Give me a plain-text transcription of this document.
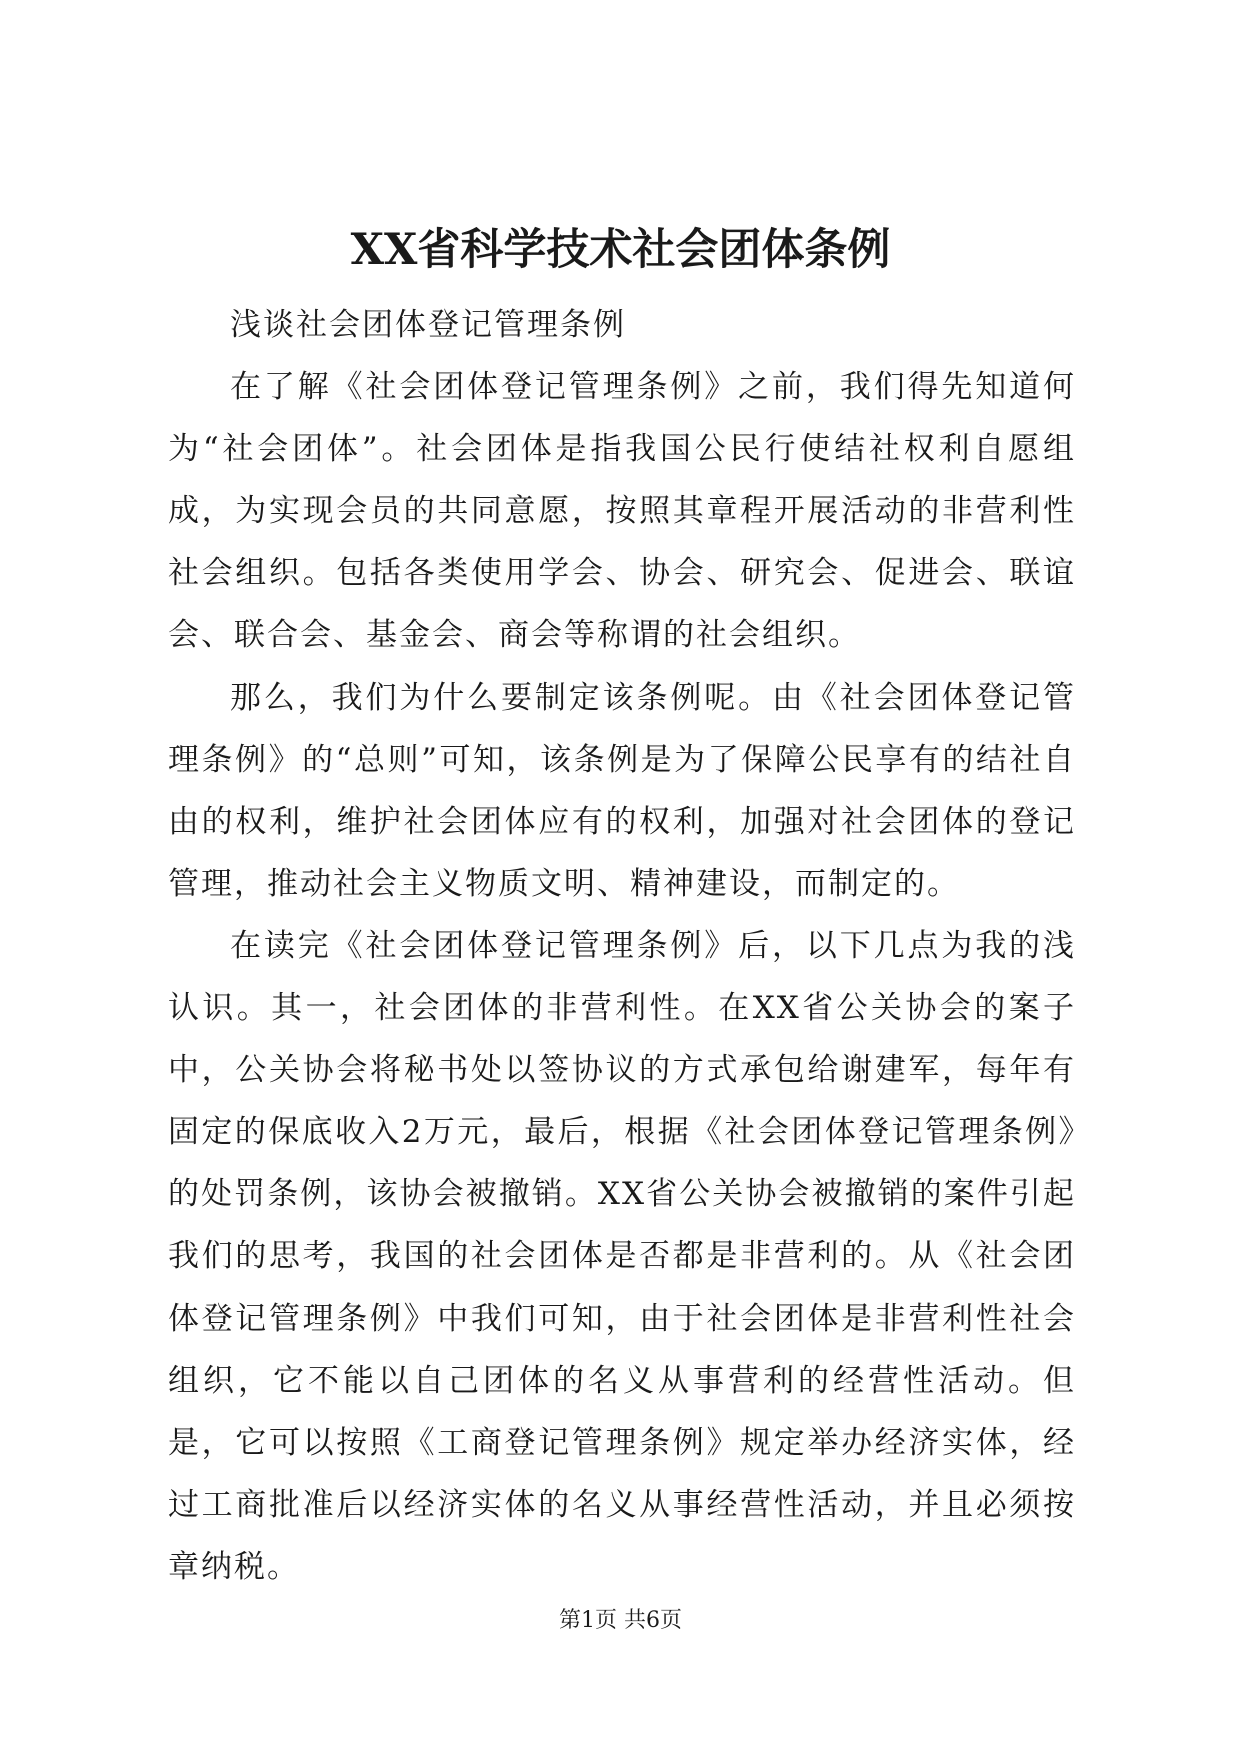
XX省科学技术社会团体条例

浅谈社会团体登记管理条例

在了解《社会团体登记管理条例》之前，我们得先知道何为“社会团体”。社会团体是指我国公民行使结社权利自愿组成，为实现会员的共同意愿，按照其章程开展活动的非营利性社会组织。包括各类使用学会、协会、研究会、促进会、联谊会、联合会、基金会、商会等称谓的社会组织。

那么，我们为什么要制定该条例呢。由《社会团体登记管理条例》的“总则”可知，该条例是为了保障公民享有的结社自由的权利，维护社会团体应有的权利，加强对社会团体的登记管理，推动社会主义物质文明、精神建设，而制定的。

在读完《社会团体登记管理条例》后，以下几点为我的浅认识。其一，社会团体的非营利性。在XX省公关协会的案子中，公关协会将秘书处以签协议的方式承包给谢建军，每年有固定的保底收入2万元，最后，根据《社会团体登记管理条例》的处罚条例，该协会被撤销。XX省公关协会被撤销的案件引起我们的思考，我国的社会团体是否都是非营利的。从《社会团体登记管理条例》中我们可知，由于社会团体是非营利性社会组织，它不能以自己团体的名义从事营利的经营性活动。但是，它可以按照《工商登记管理条例》规定举办经济实体，经过工商批准后以经济实体的名义从事经营性活动，并且必须按章纳税。

第1页 共6页
